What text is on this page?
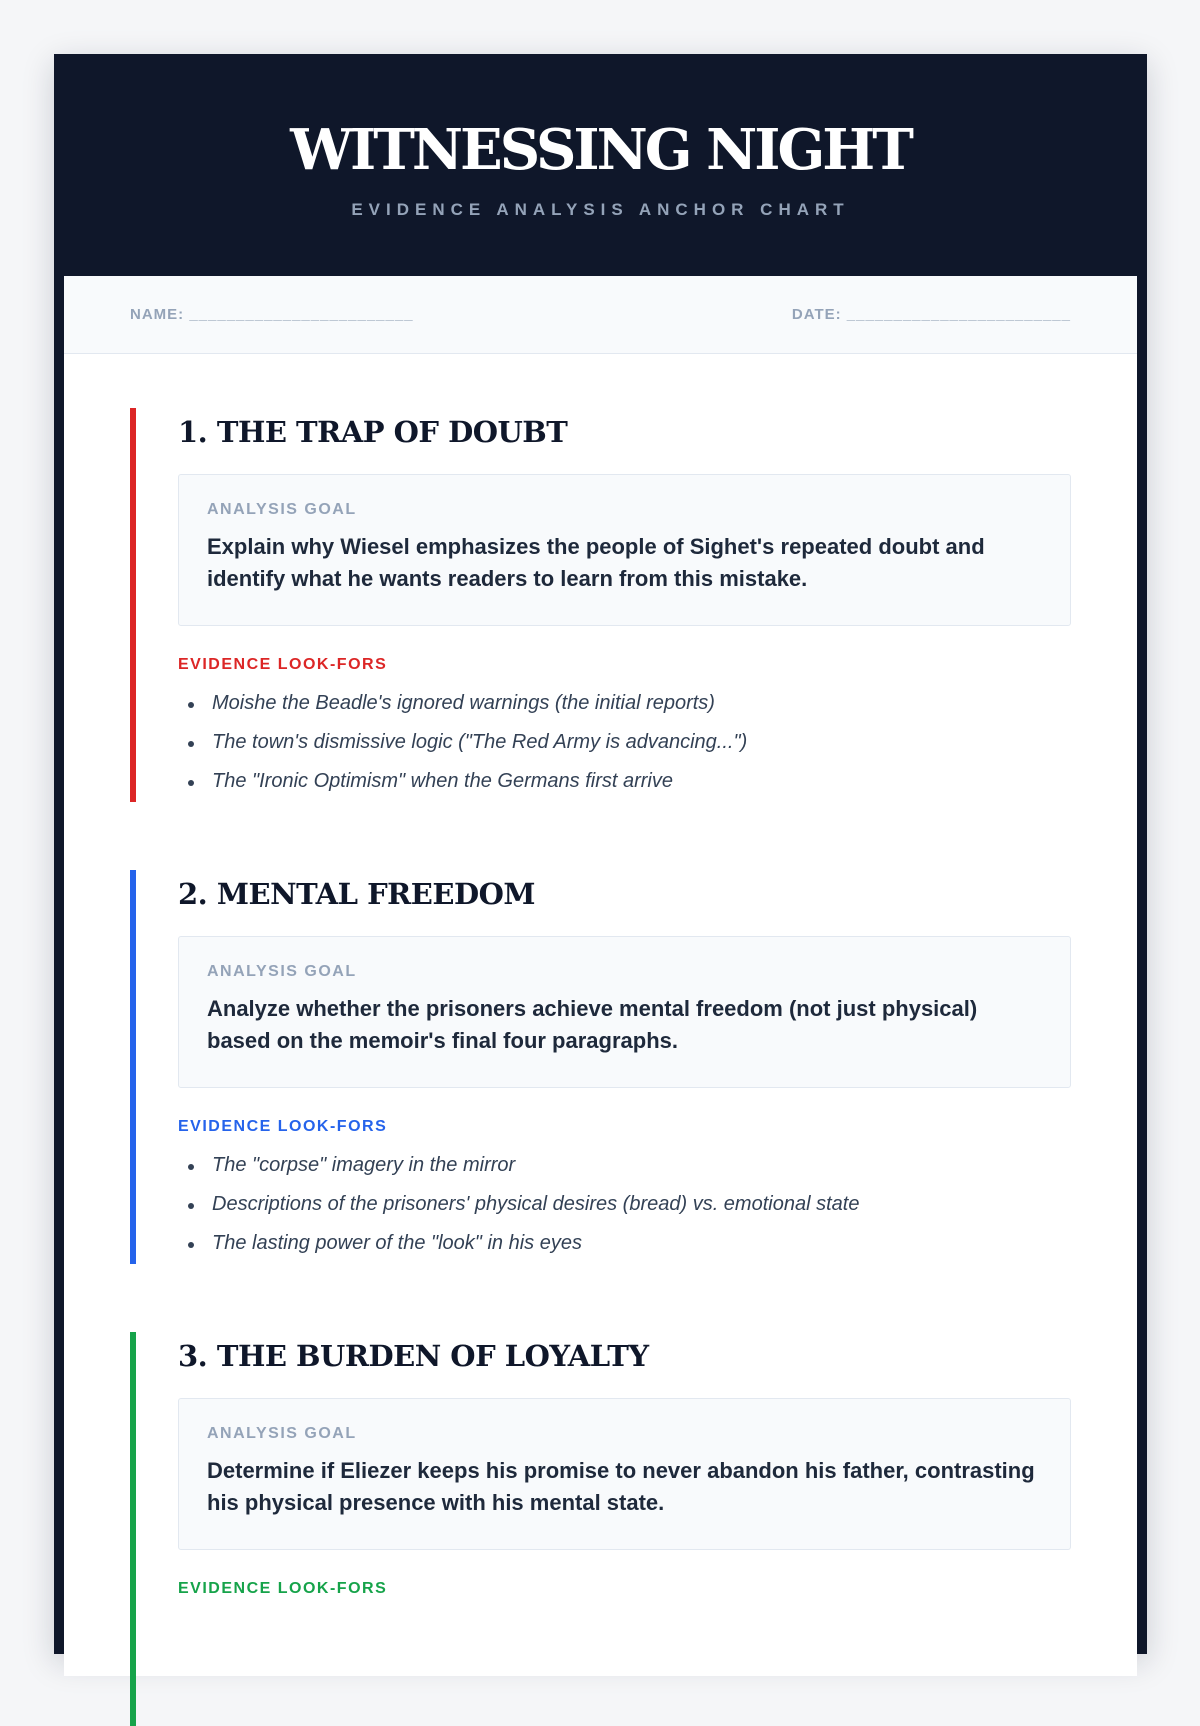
WITNESSING NIGHT
EVIDENCE ANALYSIS ANCHOR CHART
NAME: ________________________	DATE: ________________________
1. THE TRAP OF DOUBT
ANALYSIS GOAL
Explain why Wiesel emphasizes the people of Sighet's repeated doubt and identify what he wants readers to learn from this mistake.
EVIDENCE LOOK-FORS
Moishe the Beadle's ignored warnings (the initial reports)
The town's dismissive logic ("The Red Army is advancing...")
The "Ironic Optimism" when the Germans first arrive
2. MENTAL FREEDOM
ANALYSIS GOAL
Analyze whether the prisoners achieve mental freedom (not just physical) based on the memoir's final four paragraphs.
EVIDENCE LOOK-FORS
The "corpse" imagery in the mirror
Descriptions of the prisoners' physical desires (bread) vs. emotional state
The lasting power of the "look" in his eyes
3. THE BURDEN OF LOYALTY
ANALYSIS GOAL
Determine if Eliezer keeps his promise to never abandon his father, contrasting his physical presence with his mental state.
EVIDENCE LOOK-FORS
